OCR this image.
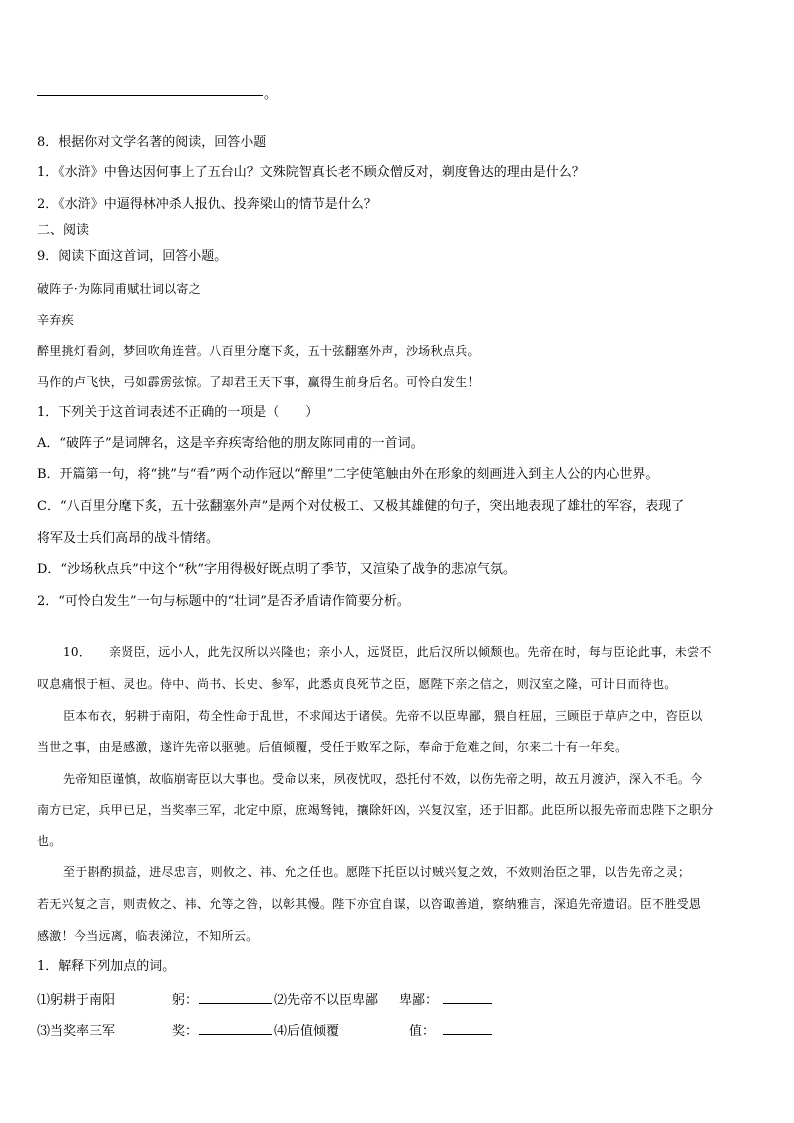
。
8．根据你对文学名著的阅读，回答小题
1．《水浒》中鲁达因何事上了五台山？文殊院智真长老不顾众僧反对，剃度鲁达的理由是什么？
2．《水浒》中逼得林冲杀人报仇、投奔梁山的情节是什么？
二、阅读
9．阅读下面这首词，回答小题。
破阵子·为陈同甫赋壮词以寄之
辛弃疾
醉里挑灯看剑，梦回吹角连营。八百里分麾下炙，五十弦翻塞外声，沙场秋点兵。
马作的卢飞快，弓如霹雳弦惊。了却君王天下事，赢得生前身后名。可怜白发生！
1．下列关于这首词表述不正确的一项是（　　）
A．“破阵子”是词牌名，这是辛弃疾寄给他的朋友陈同甫的一首词。
B．开篇第一句，将“挑”与“看”两个动作冠以“醉里”二字使笔触由外在形象的刻画进入到主人公的内心世界。
C．“八百里分麾下炙，五十弦翻塞外声”是两个对仗极工、又极其雄健的句子，突出地表现了雄壮的军容，表现了
将军及士兵们高昂的战斗情绪。
D．“沙场秋点兵”中这个“秋”字用得极好既点明了季节，又渲染了战争的悲凉气氛。
2．“可怜白发生”一句与标题中的“壮词”是否矛盾请作简要分析。
10． 亲贤臣，远小人，此先汉所以兴隆也；亲小人，远贤臣，此后汉所以倾颓也。先帝在时，每与臣论此事，未尝不
叹息痛恨于桓、灵也。侍中、尚书、长史、参军，此悉贞良死节之臣，愿陛下亲之信之，则汉室之隆，可计日而待也。
臣本布衣，躬耕于南阳，苟全性命于乱世，不求闻达于诸侯。先帝不以臣卑鄙，猥自枉屈，三顾臣于草庐之中，咨臣以
当世之事，由是感激，遂许先帝以驱驰。后值倾覆，受任于败军之际，奉命于危难之间，尔来二十有一年矣。
先帝知臣谨慎，故临崩寄臣以大事也。受命以来，夙夜忧叹，恐托付不效，以伤先帝之明，故五月渡泸，深入不毛。今
南方已定，兵甲已足，当奖率三军，北定中原，庶竭驽钝，攘除奸凶，兴复汉室，还于旧都。此臣所以报先帝而忠陛下之职分
也。
至于斟酌损益，进尽忠言，则攸之、祎、允之任也。愿陛下托臣以讨贼兴复之效，不效则治臣之罪，以告先帝之灵；
若无兴复之言，则责攸之、祎、允等之咎，以彰其慢。陛下亦宜自谋，以咨诹善道，察纳雅言，深追先帝遗诏。臣不胜受恩
感激！今当远离，临表涕泣，不知所云。
1．解释下列加点的词。
⑴躬耕于南阳	躬：	⑵先帝不以臣卑鄙 卑鄙：
⑶当奖率三军	奖：	⑷后值倾覆	值：
